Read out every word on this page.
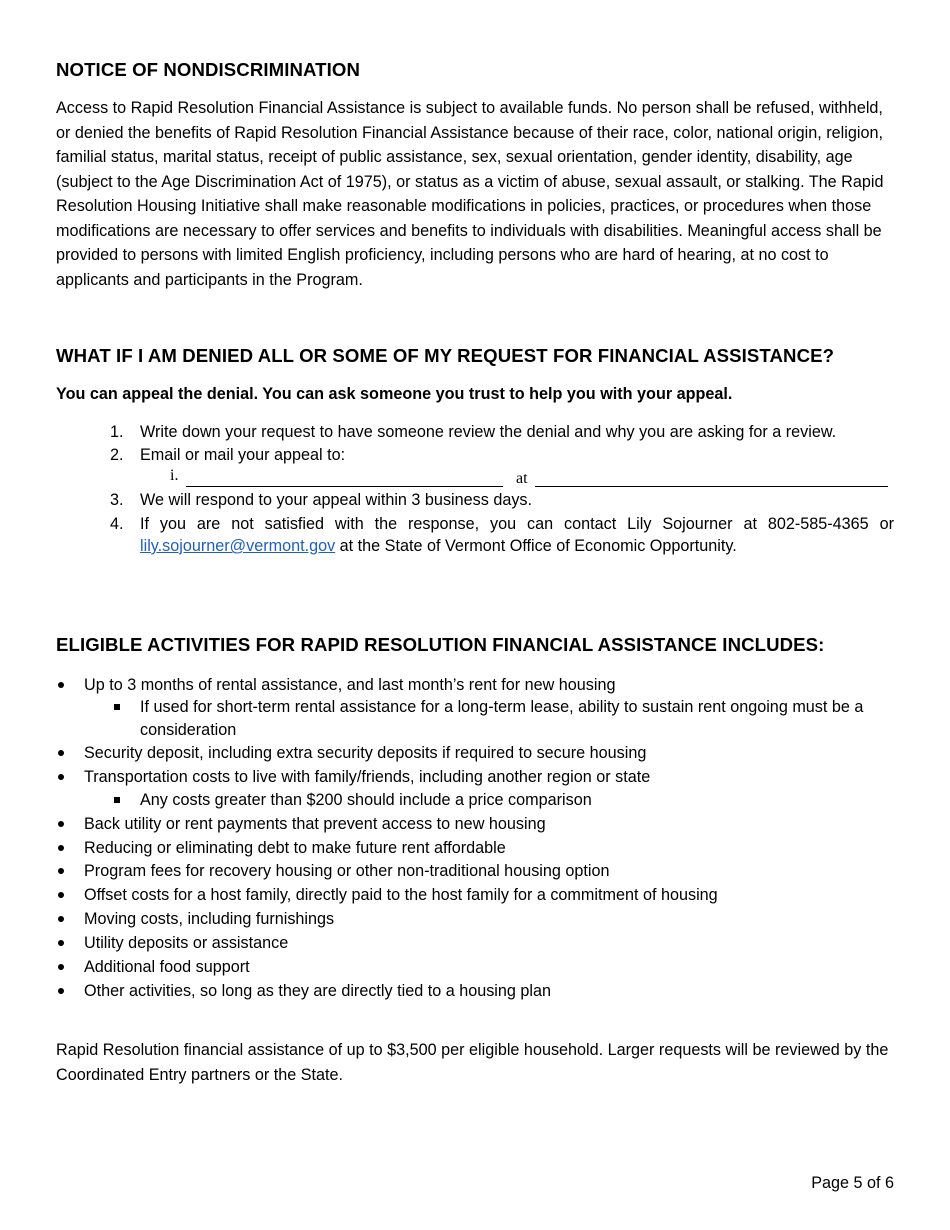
NOTICE OF NONDISCRIMINATION

Access to Rapid Resolution Financial Assistance is subject to available funds. No person shall be refused, withheld, or denied the benefits of Rapid Resolution Financial Assistance because of their race, color, national origin, religion, familial status, marital status, receipt of public assistance, sex, sexual orientation, gender identity, disability, age (subject to the Age Discrimination Act of 1975), or status as a victim of abuse, sexual assault, or stalking. The Rapid Resolution Housing Initiative shall make reasonable modifications in policies, practices, or procedures when those modifications are necessary to offer services and benefits to individuals with disabilities. Meaningful access shall be provided to persons with limited English proficiency, including persons who are hard of hearing, at no cost to applicants and participants in the Program.

WHAT IF I AM DENIED ALL OR SOME OF MY REQUEST FOR FINANCIAL ASSISTANCE?

You can appeal the denial. You can ask someone you trust to help you with your appeal.

1. Write down your request to have someone review the denial and why you are asking for a review.
2. Email or mail your appeal to:
i.	at
3. We will respond to your appeal within 3 business days.
4. If you are not satisfied with the response, you can contact Lily Sojourner at 802-585-4365 or lily.sojourner@vermont.gov at the State of Vermont Office of Economic Opportunity.
ELIGIBLE ACTIVITIES FOR RAPID RESOLUTION FINANCIAL ASSISTANCE INCLUDES:
Up to 3 months of rental assistance, and last month’s rent for new housing
If used for short-term rental assistance for a long-term lease, ability to sustain rent ongoing must be a consideration
Security deposit, including extra security deposits if required to secure housing
Transportation costs to live with family/friends, including another region or state
Any costs greater than $200 should include a price comparison
Back utility or rent payments that prevent access to new housing
Reducing or eliminating debt to make future rent affordable
Program fees for recovery housing or other non-traditional housing option
Offset costs for a host family, directly paid to the host family for a commitment of housing
Moving costs, including furnishings
Utility deposits or assistance
Additional food support
Other activities, so long as they are directly tied to a housing plan

Rapid Resolution financial assistance of up to $3,500 per eligible household. Larger requests will be reviewed by the Coordinated Entry partners or the State.

Page 5 of 6
